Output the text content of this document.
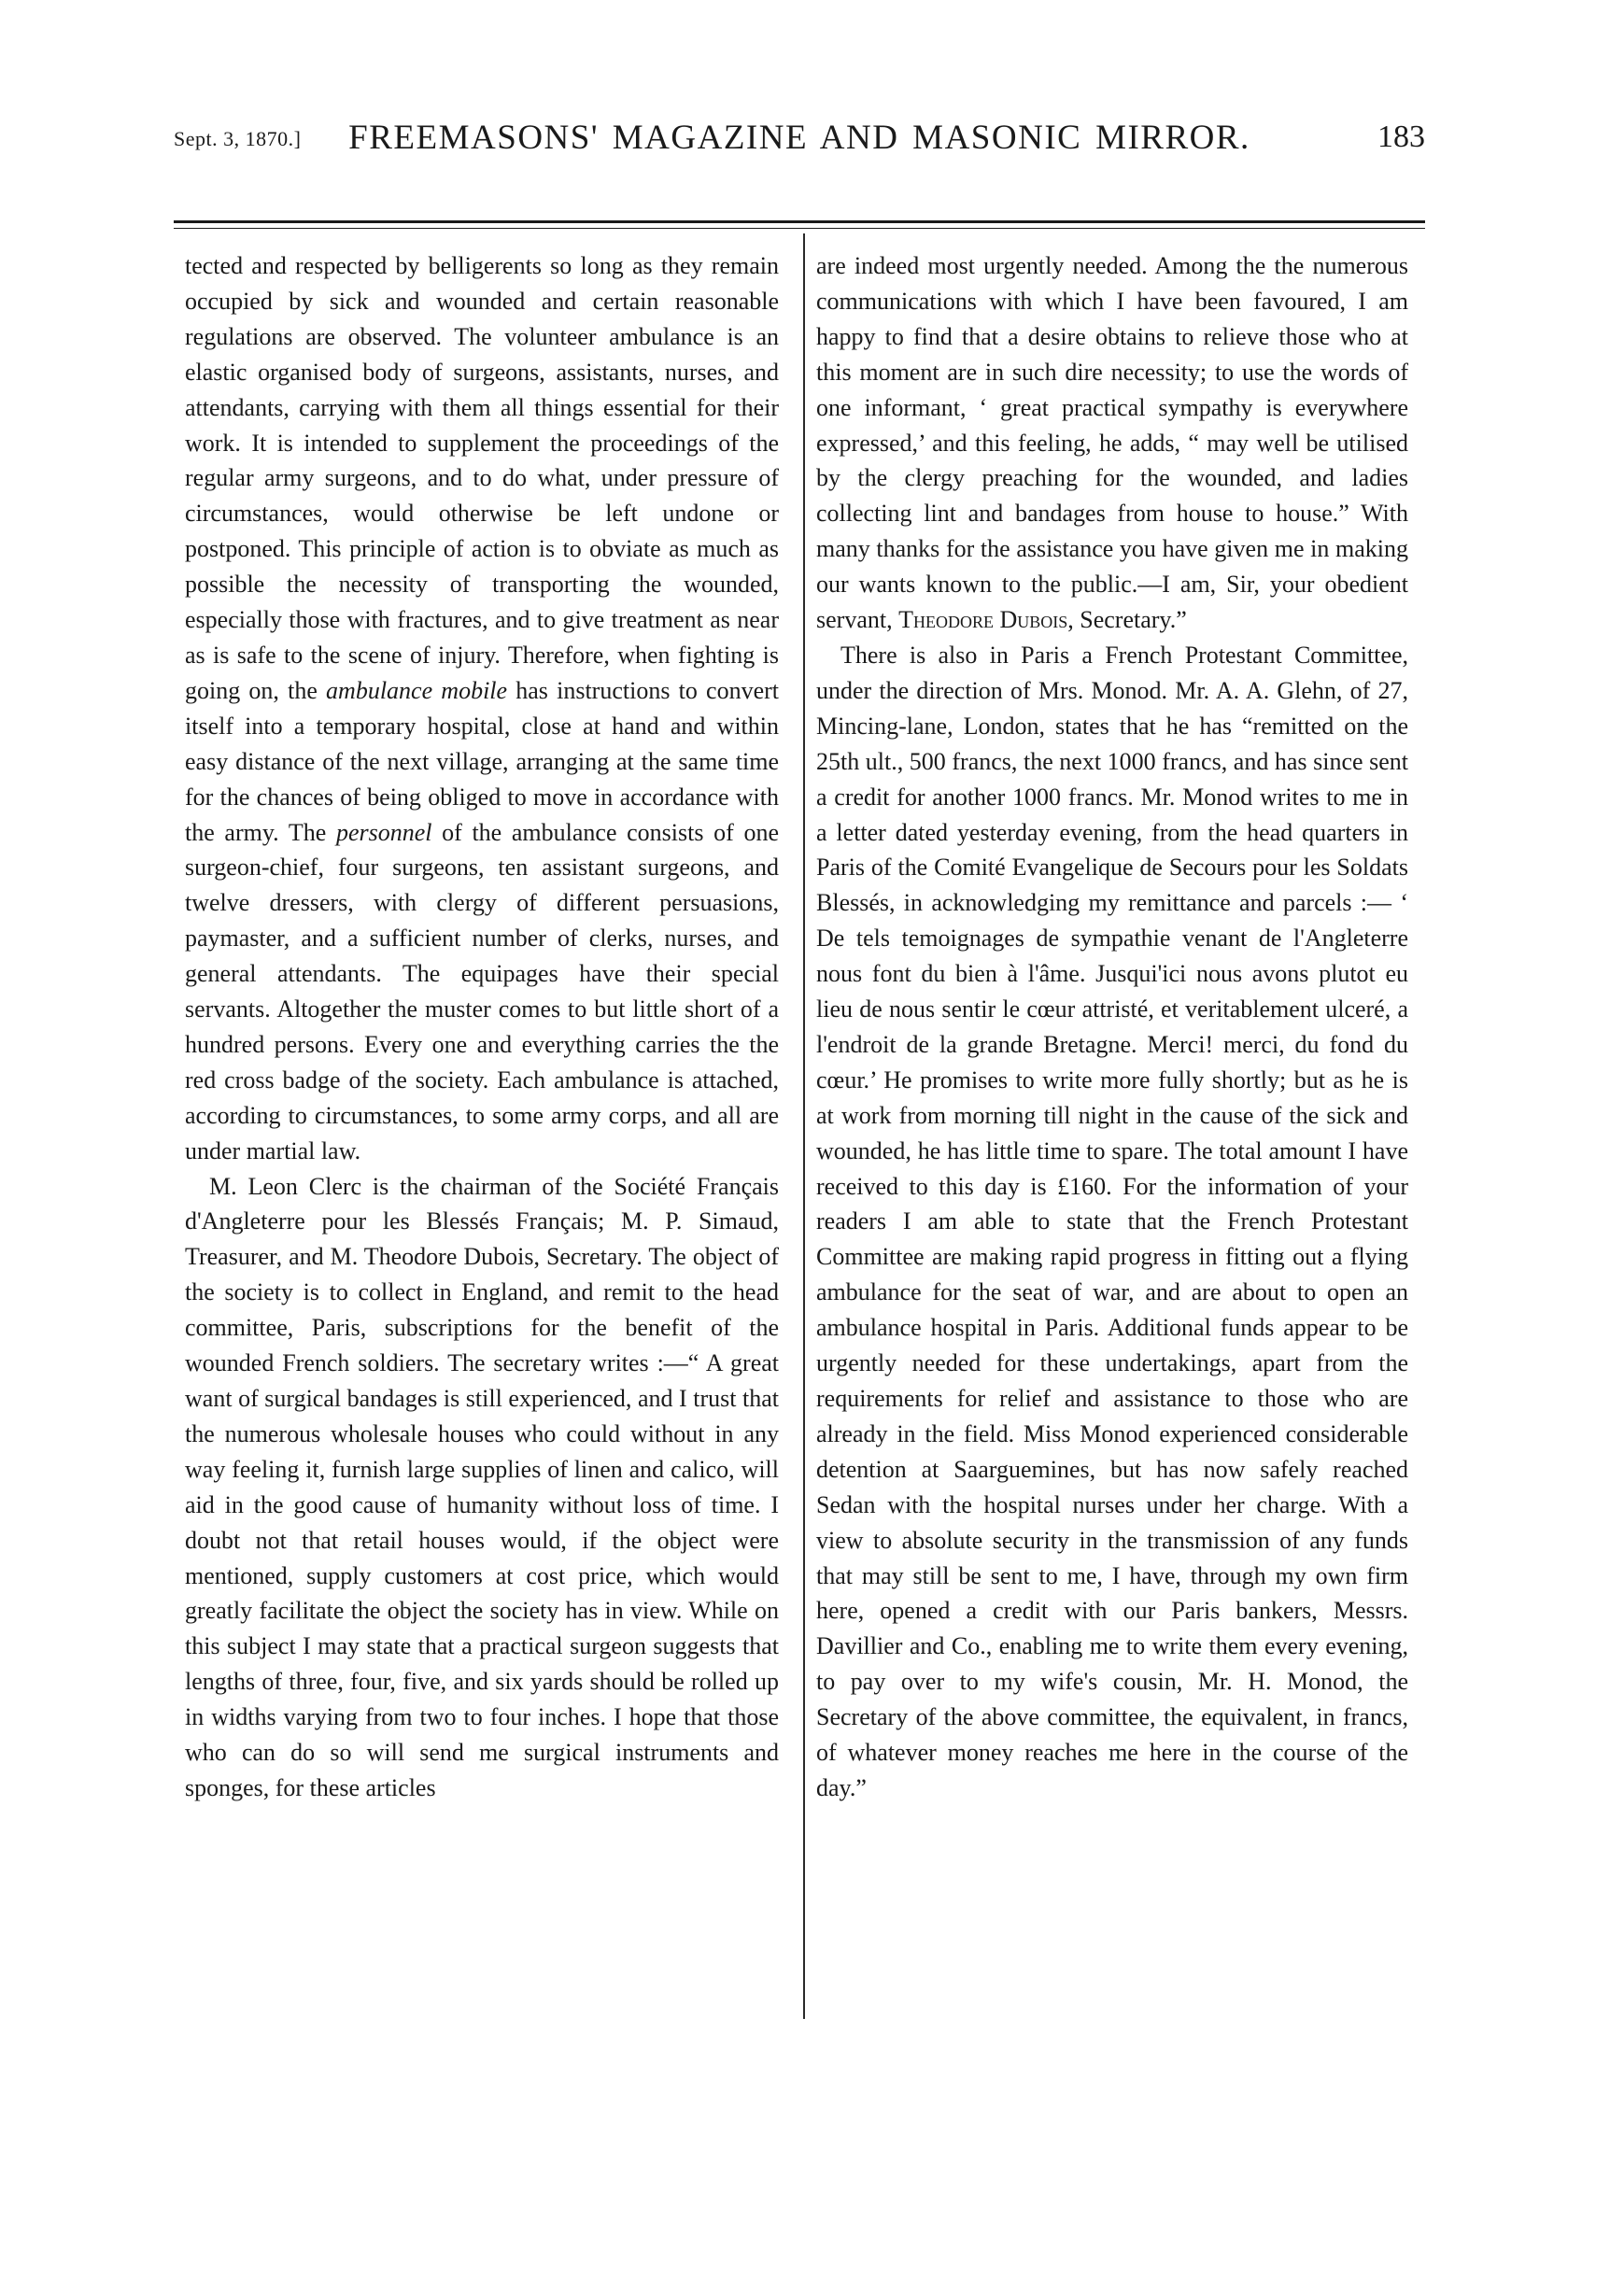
Sept. 3, 1870.]	FREEMASONS' MAGAZINE AND MASONIC MIRROR.	183

tected and respected by belligerents so long as they remain occupied by sick and wounded and certain reasonable regulations are observed. The volunteer ambulance is an elastic organised body of surgeons, assistants, nurses, and attendants, carrying with them all things essential for their work. It is intended to supplement the proceedings of the regular army surgeons, and to do what, under pressure of circumstances, would otherwise be left undone or postponed. This principle of action is to obviate as much as possible the necessity of transporting the wounded, especially those with fractures, and to give treatment as near as is safe to the scene of injury. Therefore, when fighting is going on, the ambulance mobile has instructions to convert itself into a temporary hospital, close at hand and within easy distance of the next village, arranging at the same time for the chances of being obliged to move in accordance with the army. The personnel of the ambulance consists of one surgeon-chief, four surgeons, ten assistant surgeons, and twelve dressers, with clergy of different persuasions, paymaster, and a sufficient number of clerks, nurses, and general attendants. The equipages have their special servants. Altogether the muster comes to but little short of a hundred persons. Every one and everything carries the the red cross badge of the society. Each ambulance is attached, according to circumstances, to some army corps, and all are under martial law.

M. Leon Clerc is the chairman of the Société Français d'Angleterre pour les Blessés Français; M. P. Simaud, Treasurer, and M. Theodore Dubois, Secretary. The object of the society is to collect in England, and remit to the head committee, Paris, subscriptions for the benefit of the wounded French soldiers. The secretary writes :—“ A great want of surgical bandages is still experienced, and I trust that the numerous wholesale houses who could without in any way feeling it, furnish large supplies of linen and calico, will aid in the good cause of humanity without loss of time. I doubt not that retail houses would, if the object were mentioned, supply customers at cost price, which would greatly facilitate the object the society has in view. While on this subject I may state that a practical surgeon suggests that lengths of three, four, five, and six yards should be rolled up in widths varying from two to four inches. I hope that those who can do so will send me surgical instruments and sponges, for these articles

are indeed most urgently needed. Among the the numerous communications with which I have been favoured, I am happy to find that a desire obtains to relieve those who at this moment are in such dire necessity; to use the words of one informant, ‘ great practical sympathy is everywhere expressed,’ and this feeling, he adds, “ may well be utilised by the clergy preaching for the wounded, and ladies collecting lint and bandages from house to house.” With many thanks for the assistance you have given me in making our wants known to the public.—I am, Sir, your obedient servant, Theodore Dubois, Secretary.”

There is also in Paris a French Protestant Committee, under the direction of Mrs. Monod. Mr. A. A. Glehn, of 27, Mincing-lane, London, states that he has “remitted on the 25th ult., 500 francs, the next 1000 francs, and has since sent a credit for another 1000 francs. Mr. Monod writes to me in a letter dated yesterday evening, from the head quarters in Paris of the Comité Evangelique de Secours pour les Soldats Blessés, in acknowledging my remittance and parcels :— ‘ De tels temoignages de sympathie venant de l'Angleterre nous font du bien à l'âme. Jusqui'ici nous avons plutot eu lieu de nous sentir le cœur attristé, et veritablement ulceré, a l'endroit de la grande Bretagne. Merci! merci, du fond du cœur.’ He promises to write more fully shortly; but as he is at work from morning till night in the cause of the sick and wounded, he has little time to spare. The total amount I have received to this day is £160. For the information of your readers I am able to state that the French Protestant Committee are making rapid progress in fitting out a flying ambulance for the seat of war, and are about to open an ambulance hospital in Paris. Additional funds appear to be urgently needed for these undertakings, apart from the requirements for relief and assistance to those who are already in the field. Miss Monod experienced considerable detention at Saarguemines, but has now safely reached Sedan with the hospital nurses under her charge. With a view to absolute security in the transmission of any funds that may still be sent to me, I have, through my own firm here, opened a credit with our Paris bankers, Messrs. Davillier and Co., enabling me to write them every evening, to pay over to my wife's cousin, Mr. H. Monod, the Secretary of the above committee, the equivalent, in francs, of whatever money reaches me here in the course of the day.”
